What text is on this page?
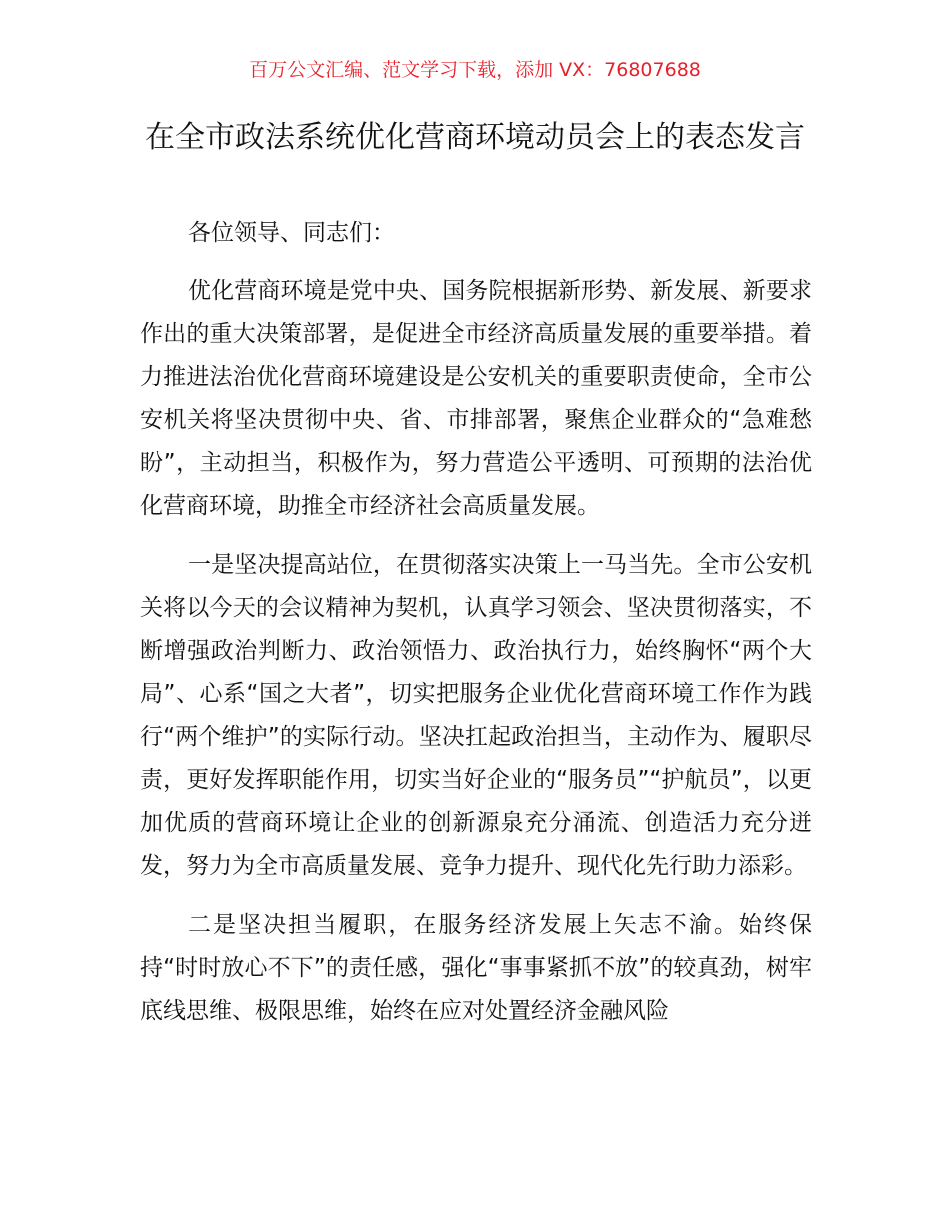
百万公文汇编、范文学习下载，添加 VX：76807688
在全市政法系统优化营商环境动员会上的表态发言

各位领导、同志们：

优化营商环境是党中央、国务院根据新形势、新发展、新要求作出的重大决策部署，是促进全市经济高质量发展的重要举措。着力推进法治优化营商环境建设是公安机关的重要职责使命，全市公安机关将坚决贯彻中央、省、市排部署，聚焦企业群众的“急难愁盼”，主动担当，积极作为，努力营造公平透明、可预期的法治优化营商环境，助推全市经济社会高质量发展。

一是坚决提高站位，在贯彻落实决策上一马当先。全市公安机关将以今天的会议精神为契机，认真学习领会、坚决贯彻落实，不断增强政治判断力、政治领悟力、政治执行力，始终胸怀“两个大局”、心系“国之大者”，切实把服务企业优化营商环境工作作为践行“两个维护”的实际行动。坚决扛起政治担当，主动作为、履职尽责，更好发挥职能作用，切实当好企业的“服务员”“护航员”，以更加优质的营商环境让企业的创新源泉充分涌流、创造活力充分迸发，努力为全市高质量发展、竞争力提升、现代化先行助力添彩。

二是坚决担当履职，在服务经济发展上矢志不渝。始终保持“时时放心不下”的责任感，强化“事事紧抓不放”的较真劲，树牢底线思维、极限思维，始终在应对处置经济金融风险
